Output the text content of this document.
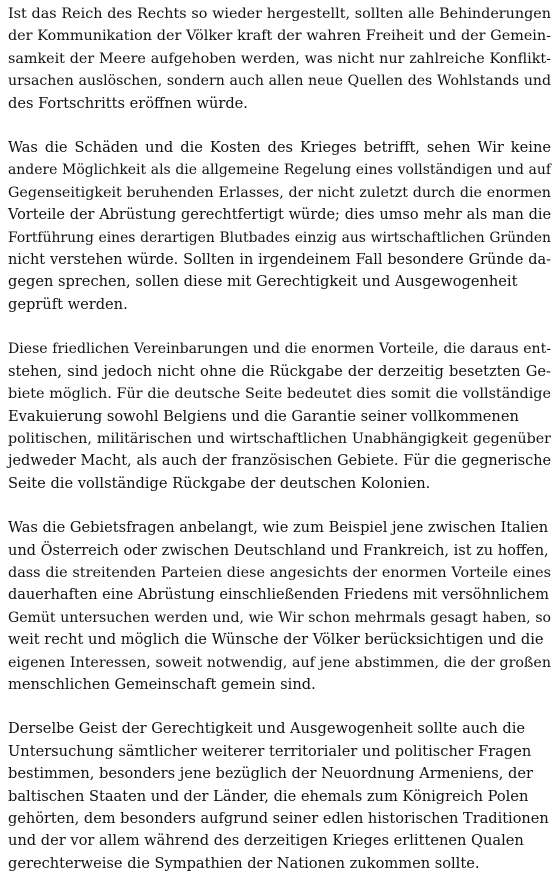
Ist das Reich des Rechts so wieder hergestellt, sollten alle Behinderungen
der Kommunikation der Völker kraft der wahren Freiheit und der Gemein-
samkeit der Meere aufgehoben werden, was nicht nur zahlreiche Konflikt-
ursachen auslöschen, sondern auch allen neue Quellen des Wohlstands und
des Fortschritts eröffnen würde.

Was die Schäden und die Kosten des Krieges betrifft, sehen Wir keine
andere Möglichkeit als die allgemeine Regelung eines vollständigen und auf
Gegenseitigkeit beruhenden Erlasses, der nicht zuletzt durch die enormen
Vorteile der Abrüstung gerechtfertigt würde; dies umso mehr als man die
Fortführung eines derartigen Blutbades einzig aus wirtschaftlichen Gründen
nicht verstehen würde. Sollten in irgendeinem Fall besondere Gründe da-
gegen sprechen, sollen diese mit Gerechtigkeit und Ausgewogenheit
geprüft werden.

Diese friedlichen Vereinbarungen und die enormen Vorteile, die daraus ent-
stehen, sind jedoch nicht ohne die Rückgabe der derzeitig besetzten Ge-
biete möglich. Für die deutsche Seite bedeutet dies somit die vollständige
Evakuierung sowohl Belgiens und die Garantie seiner vollkommenen
politischen, militärischen und wirtschaftlichen Unabhängigkeit gegenüber
jedweder Macht, als auch der französischen Gebiete. Für die gegnerische
Seite die vollständige Rückgabe der deutschen Kolonien.

Was die Gebietsfragen anbelangt, wie zum Beispiel jene zwischen Italien
und Österreich oder zwischen Deutschland und Frankreich, ist zu hoffen,
dass die streitenden Parteien diese angesichts der enormen Vorteile eines
dauerhaften eine Abrüstung einschließenden Friedens mit versöhnlichem
Gemüt untersuchen werden und, wie Wir schon mehrmals gesagt haben, so
weit recht und möglich die Wünsche der Völker berücksichtigen und die
eigenen Interessen, soweit notwendig, auf jene abstimmen, die der großen
menschlichen Gemeinschaft gemein sind.

Derselbe Geist der Gerechtigkeit und Ausgewogenheit sollte auch die
Untersuchung sämtlicher weiterer territorialer und politischer Fragen
bestimmen, besonders jene bezüglich der Neuordnung Armeniens, der
baltischen Staaten und der Länder, die ehemals zum Königreich Polen
gehörten, dem besonders aufgrund seiner edlen historischen Traditionen
und der vor allem während des derzeitigen Krieges erlittenen Qualen
gerechterweise die Sympathien der Nationen zukommen sollte.
